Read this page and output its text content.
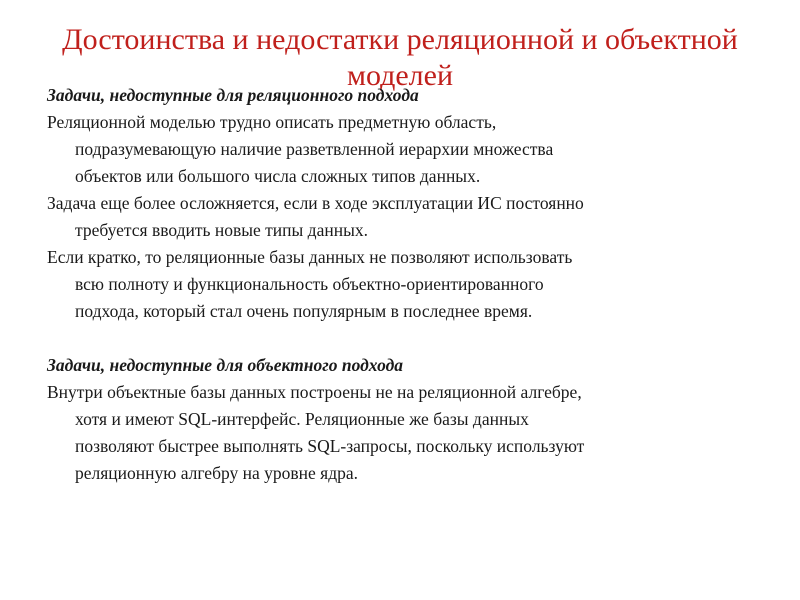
Достоинства и недостатки реляционной и объектной
моделей

Задачи, недоступные для реляционного подхода

Реляционной моделью трудно описать предметную область,
подразумевающую наличие разветвленной иерархии множества
объектов или большого числа сложных типов данных.

Задача еще более осложняется, если в ходе эксплуатации ИС постоянно
требуется вводить новые типы данных.

Если кратко, то реляционные базы данных не позволяют использовать
всю полноту и функциональность объектно-ориентированного
подхода, который стал очень популярным в последнее время.

Задачи, недоступные для объектного подхода

Внутри объектные базы данных построены не на реляционной алгебре,
хотя и имеют SQL-интерфейс. Реляционные же базы данных
позволяют быстрее выполнять SQL-запросы, поскольку используют
реляционную алгебру на уровне ядра.
